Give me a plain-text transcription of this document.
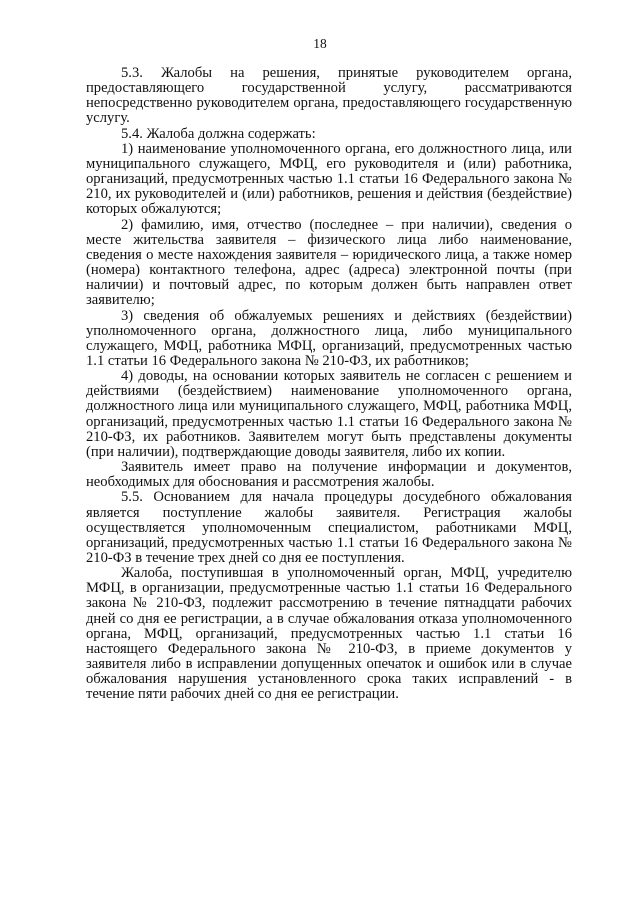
18

5.3. Жалобы на решения, принятые руководителем органа, предоставляющего государственной услугу, рассматриваются непосредственно руководителем органа, предоставляющего государственную услугу.

5.4. Жалоба должна содержать:

1) наименование уполномоченного органа, его должностного лица, или муниципального служащего, МФЦ, его руководителя и (или) работника, организаций, предусмотренных частью 1.1 статьи 16 Федерального закона № 210, их руководителей и (или) работников, решения и действия (бездействие) которых обжалуются;

2) фамилию, имя, отчество (последнее – при наличии), сведения о месте жительства заявителя – физического лица либо наименование, сведения о месте нахождения заявителя – юридического лица, а также номер (номера) контактного телефона, адрес (адреса) электронной почты (при наличии) и почтовый адрес, по которым должен быть направлен ответ заявителю;

3) сведения об обжалуемых решениях и действиях (бездействии) уполномоченного органа, должностного лица, либо муниципального служащего, МФЦ, работника МФЦ, организаций, предусмотренных частью 1.1 статьи 16 Федерального закона № 210-ФЗ, их работников;

4) доводы, на основании которых заявитель не согласен с решением и действиями (бездействием) наименование уполномоченного органа, должностного лица или муниципального служащего, МФЦ, работника МФЦ, организаций, предусмотренных частью 1.1 статьи 16 Федерального закона № 210-ФЗ, их работников. Заявителем могут быть представлены документы (при наличии), подтверждающие доводы заявителя, либо их копии.

Заявитель имеет право на получение информации и документов, необходимых для обоснования и рассмотрения жалобы.

5.5. Основанием для начала процедуры досудебного обжалования является поступление жалобы заявителя. Регистрация жалобы осуществляется уполномоченным специалистом, работниками МФЦ, организаций, предусмотренных частью 1.1 статьи 16 Федерального закона № 210-ФЗ в течение трех дней со дня ее поступления.

Жалоба, поступившая в уполномоченный орган, МФЦ, учредителю МФЦ, в организации, предусмотренные частью 1.1 статьи 16 Федерального закона № 210-ФЗ, подлежит рассмотрению в течение пятнадцати рабочих дней со дня ее регистрации, а в случае обжалования отказа уполномоченного органа, МФЦ, организаций, предусмотренных частью 1.1 статьи 16 настоящего Федерального закона № 210-ФЗ, в приеме документов у заявителя либо в исправлении допущенных опечаток и ошибок или в случае обжалования нарушения установленного срока таких исправлений - в течение пяти рабочих дней со дня ее регистрации.
